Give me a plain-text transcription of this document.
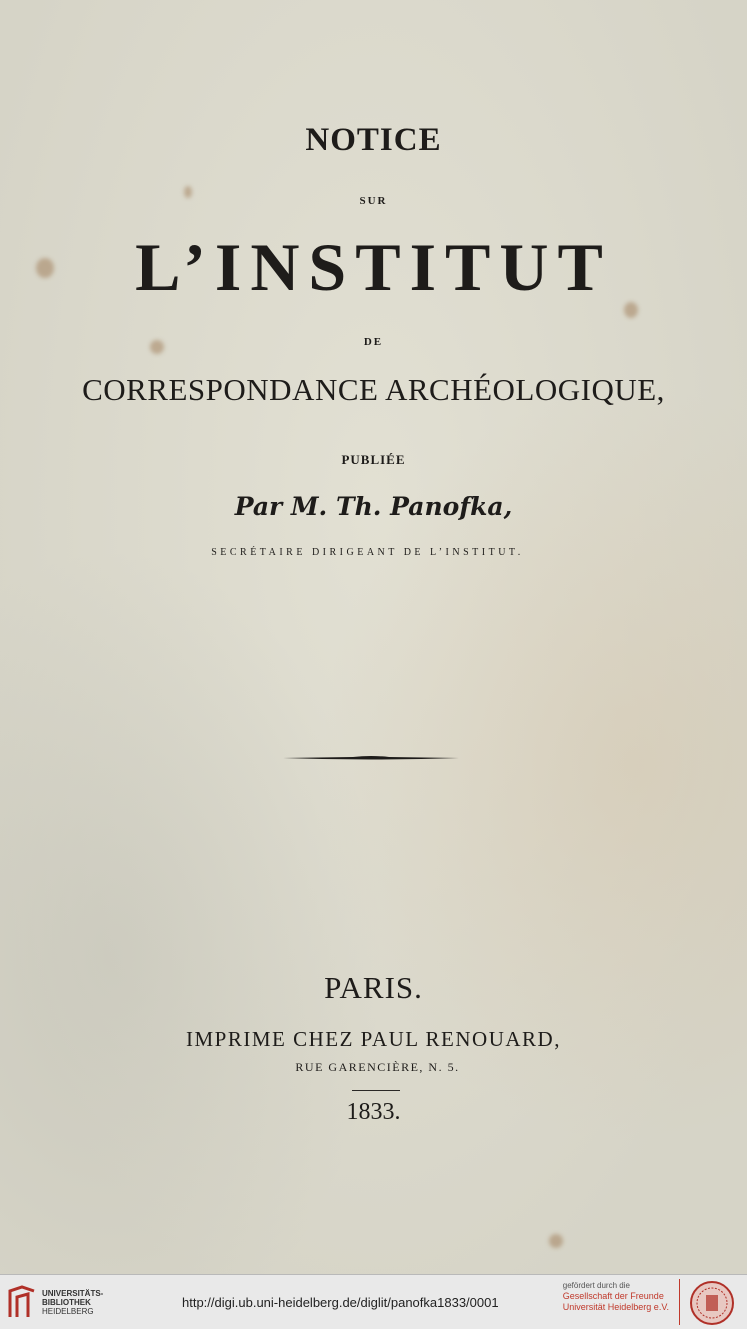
NOTICE

SUR

L’INSTITUT

DE

CORRESPONDANCE ARCHÉOLOGIQUE,

PUBLIÉE

Par M. Th. Panofka,

SECRÉTAIRE DIRIGEANT DE L’INSTITUT.

PARIS.

IMPRIME CHEZ PAUL RENOUARD,

RUE GARENCIÈRE, N. 5.

1833.

UNIVERSITÄTS-
BIBLIOTHEK
HEIDELBERG
http://digi.ub.uni-heidelberg.de/diglit/panofka1833/0001
gefördert durch die
Gesellschaft der Freunde
Universität Heidelberg e.V.
